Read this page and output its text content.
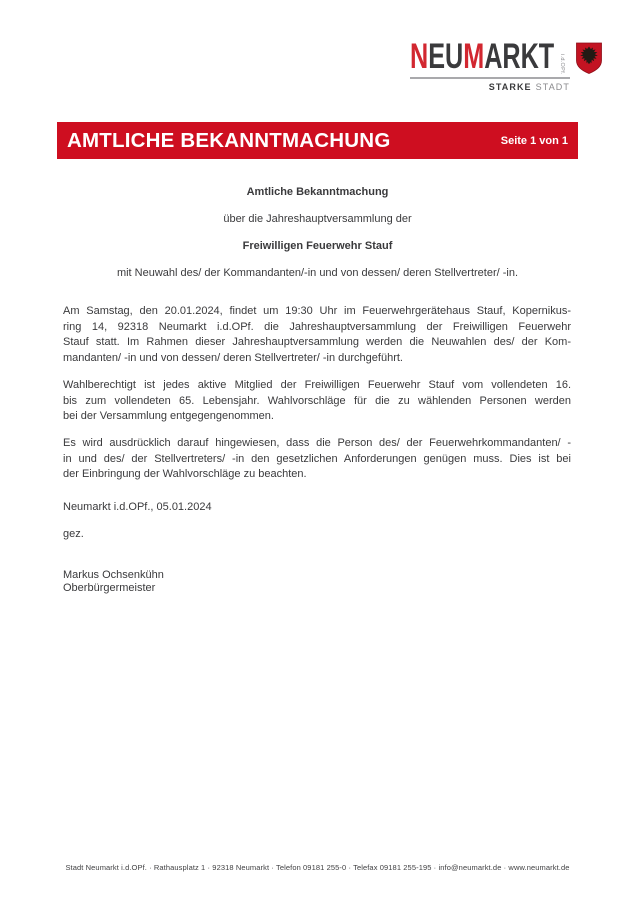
NEUMARKT i.d.OPf.
STARKE STADT
AMTLICHE BEKANNTMACHUNG	Seite 1 von 1
Amtliche Bekanntmachung
über die Jahreshauptversammlung der
Freiwilligen Feuerwehr Stauf
mit Neuwahl des/ der Kommandanten/-in und von dessen/ deren Stellvertreter/ -in.
Am Samstag, den 20.01.2024, findet um 19:30 Uhr im Feuerwehrgerätehaus Stauf, Kopernikus-
ring 14, 92318 Neumarkt i.d.OPf. die Jahreshauptversammlung der Freiwilligen Feuerwehr
Stauf statt. Im Rahmen dieser Jahreshauptversammlung werden die Neuwahlen des/ der Kom-
mandanten/ -in und von dessen/ deren Stellvertreter/ -in durchgeführt.
Wahlberechtigt ist jedes aktive Mitglied der Freiwilligen Feuerwehr Stauf vom vollendeten 16.
bis zum vollendeten 65. Lebensjahr. Wahlvorschläge für die zu wählenden Personen werden
bei der Versammlung entgegengenommen.
Es wird ausdrücklich darauf hingewiesen, dass die Person des/ der Feuerwehrkommandanten/ -
in und des/ der Stellvertreters/ -in den gesetzlichen Anforderungen genügen muss. Dies ist bei
der Einbringung der Wahlvorschläge zu beachten.
Neumarkt i.d.OPf., 05.01.2024
gez.
Markus Ochsenkühn
Oberbürgermeister
Stadt Neumarkt i.d.OPf. · Rathausplatz 1 · 92318 Neumarkt · Telefon 09181 255-0 · Telefax 09181 255-195 · info@neumarkt.de · www.neumarkt.de
